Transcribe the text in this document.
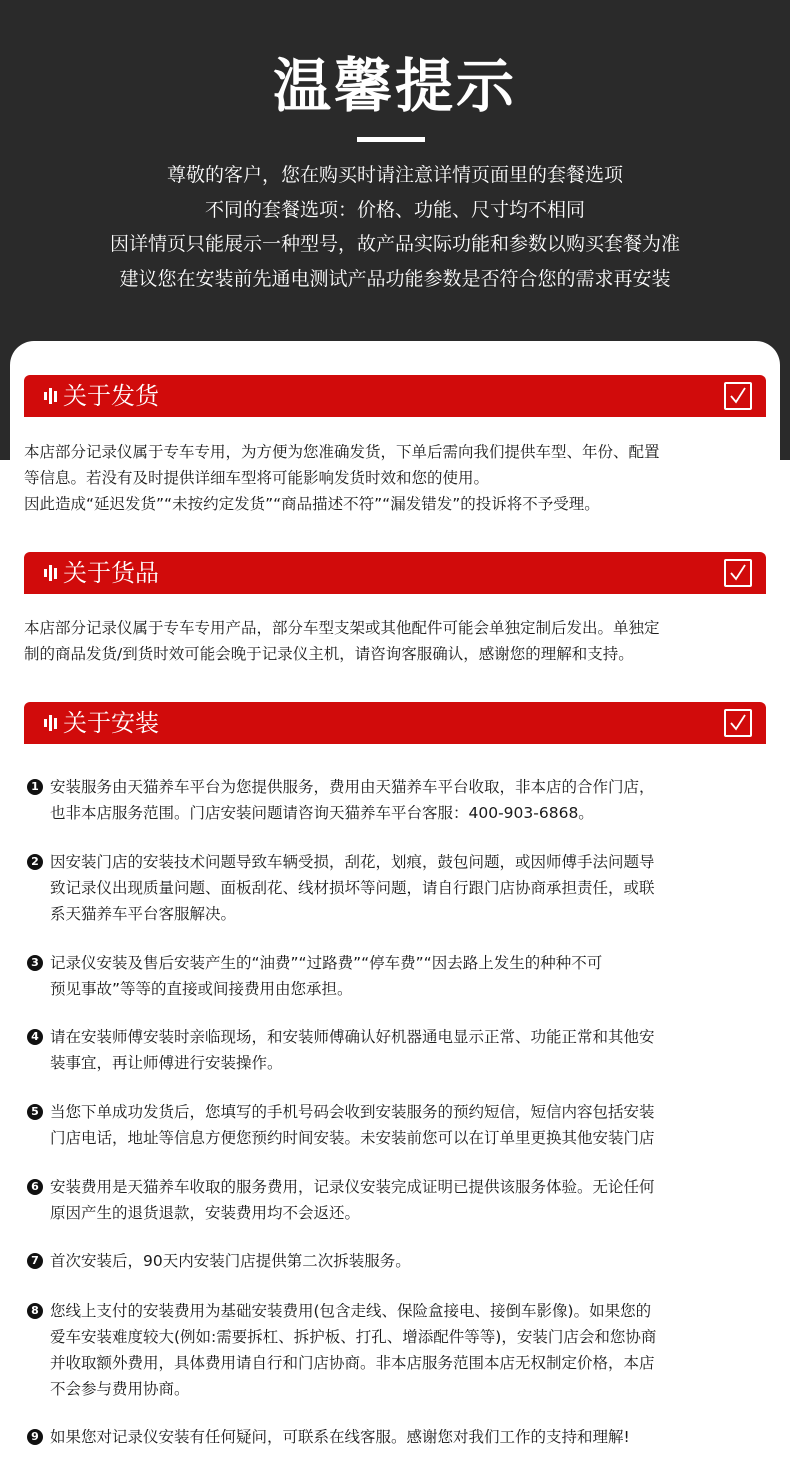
温馨提示
尊敬的客户，您在购买时请注意详情页面里的套餐选项
不同的套餐选项：价格、功能、尺寸均不相同
因详情页只能展示一种型号，故产品实际功能和参数以购买套餐为准
建议您在安装前先通电测试产品功能参数是否符合您的需求再安装
关于发货
本店部分记录仪属于专车专用，为方便为您准确发货，下单后需向我们提供车型、年份、配置
等信息。若没有及时提供详细车型将可能影响发货时效和您的使用。
因此造成“延迟发货”“未按约定发货”“商品描述不符”“漏发错发”的投诉将不予受理。
关于货品
本店部分记录仪属于专车专用产品，部分车型支架或其他配件可能会单独定制后发出。单独定
制的商品发货/到货时效可能会晚于记录仪主机，请咨询客服确认，感谢您的理解和支持。
关于安装
1 安装服务由天猫养车平台为您提供服务，费用由天猫养车平台收取，非本店的合作门店，
也非本店服务范围。门店安装问题请咨询天猫养车平台客服：400-903-6868。
2 因安装门店的安装技术问题导致车辆受损，刮花，划痕，鼓包问题，或因师傅手法问题导
致记录仪出现质量问题、面板刮花、线材损坏等问题，请自行跟门店协商承担责任，或联
系天猫养车平台客服解决。
3 记录仪安装及售后安装产生的“油费”“过路费”“停车费”“因去路上发生的种种不可
预见事故”等等的直接或间接费用由您承担。
4 请在安装师傅安装时亲临现场，和安装师傅确认好机器通电显示正常、功能正常和其他安
装事宜，再让师傅进行安装操作。
5 当您下单成功发货后，您填写的手机号码会收到安装服务的预约短信，短信内容包括安装
门店电话，地址等信息方便您预约时间安装。未安装前您可以在订单里更换其他安装门店
6 安装费用是天猫养车收取的服务费用，记录仪安装完成证明已提供该服务体验。无论任何
原因产生的退货退款，安装费用均不会返还。
7 首次安装后，90天内安装门店提供第二次拆装服务。
8 您线上支付的安装费用为基础安装费用(包含走线、保险盒接电、接倒车影像)。如果您的
爱车安装难度较大(例如:需要拆杠、拆护板、打孔、增添配件等等)，安装门店会和您协商
并收取额外费用，具体费用请自行和门店协商。非本店服务范围本店无权制定价格，本店
不会参与费用协商。
9 如果您对记录仪安装有任何疑问，可联系在线客服。感谢您对我们工作的支持和理解!
